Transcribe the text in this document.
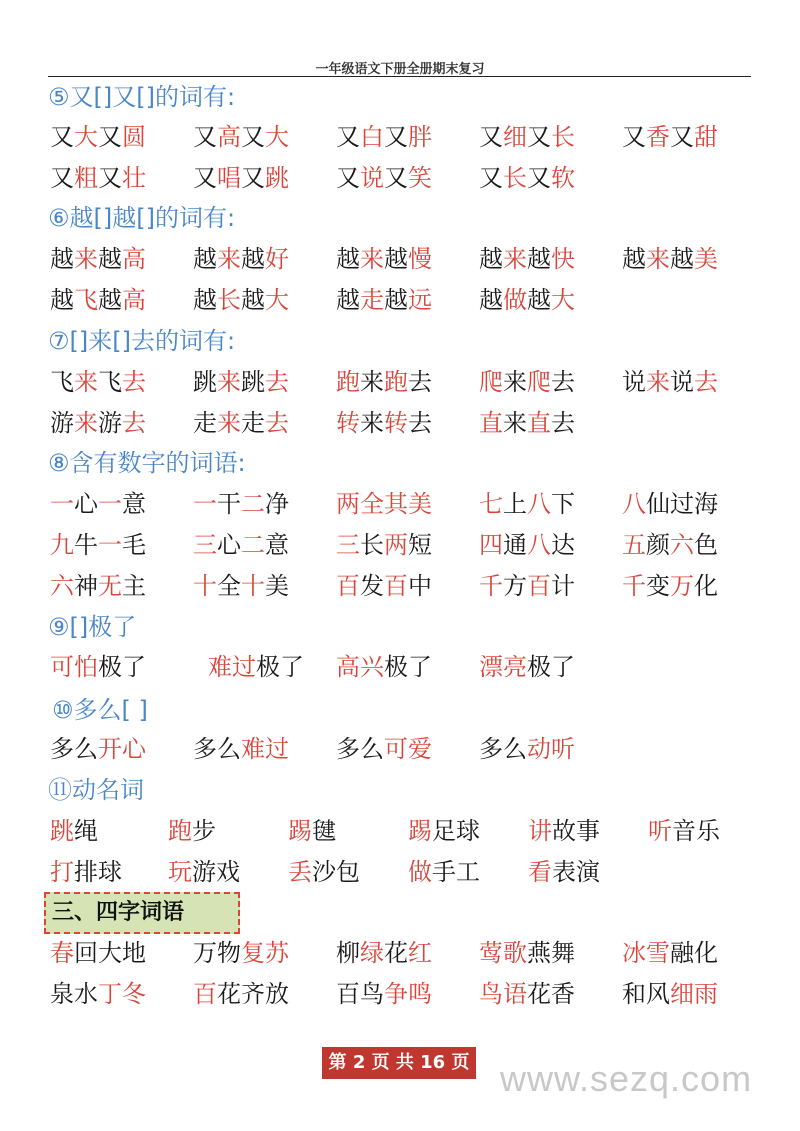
一年级语文下册全册期末复习
⑤又[]又[]的词有:
又大又圆 又高又大 又白又胖 又细又长 又香又甜
又粗又壮 又唱又跳 又说又笑 又长又软
⑥越[]越[]的词有:
越来越高 越来越好 越来越慢 越来越快 越来越美
越飞越高 越长越大 越走越远 越做越大
⑦[]来[]去的词有:
飞来飞去 跳来跳去 跑来跑去 爬来爬去 说来说去
游来游去 走来走去 转来转去 直来直去
⑧含有数字的词语:
一心一意 一干二净 两全其美 七上八下 八仙过海
九牛一毛 三心二意 三长两短 四通八达 五颜六色
六神无主 十全十美 百发百中 千方百计 千变万化
⑨[]极了
可怕极了	难过极了 高兴极了 漂亮极了
⑩多么[ ]
多么开心 多么难过 多么可爱 多么动听
⑪动名词
跳绳	跑步	踢毽	踢足球 讲故事 听音乐
打排球 玩游戏 丢沙包 做手工 看表演
春回大地 万物复苏 柳绿花红 莺歌燕舞 冰雪融化
泉水丁冬 百花齐放 百鸟争鸣 鸟语花香 和风细雨
三、四字词语
第 2 页 共 16 页 www.sezq.com
